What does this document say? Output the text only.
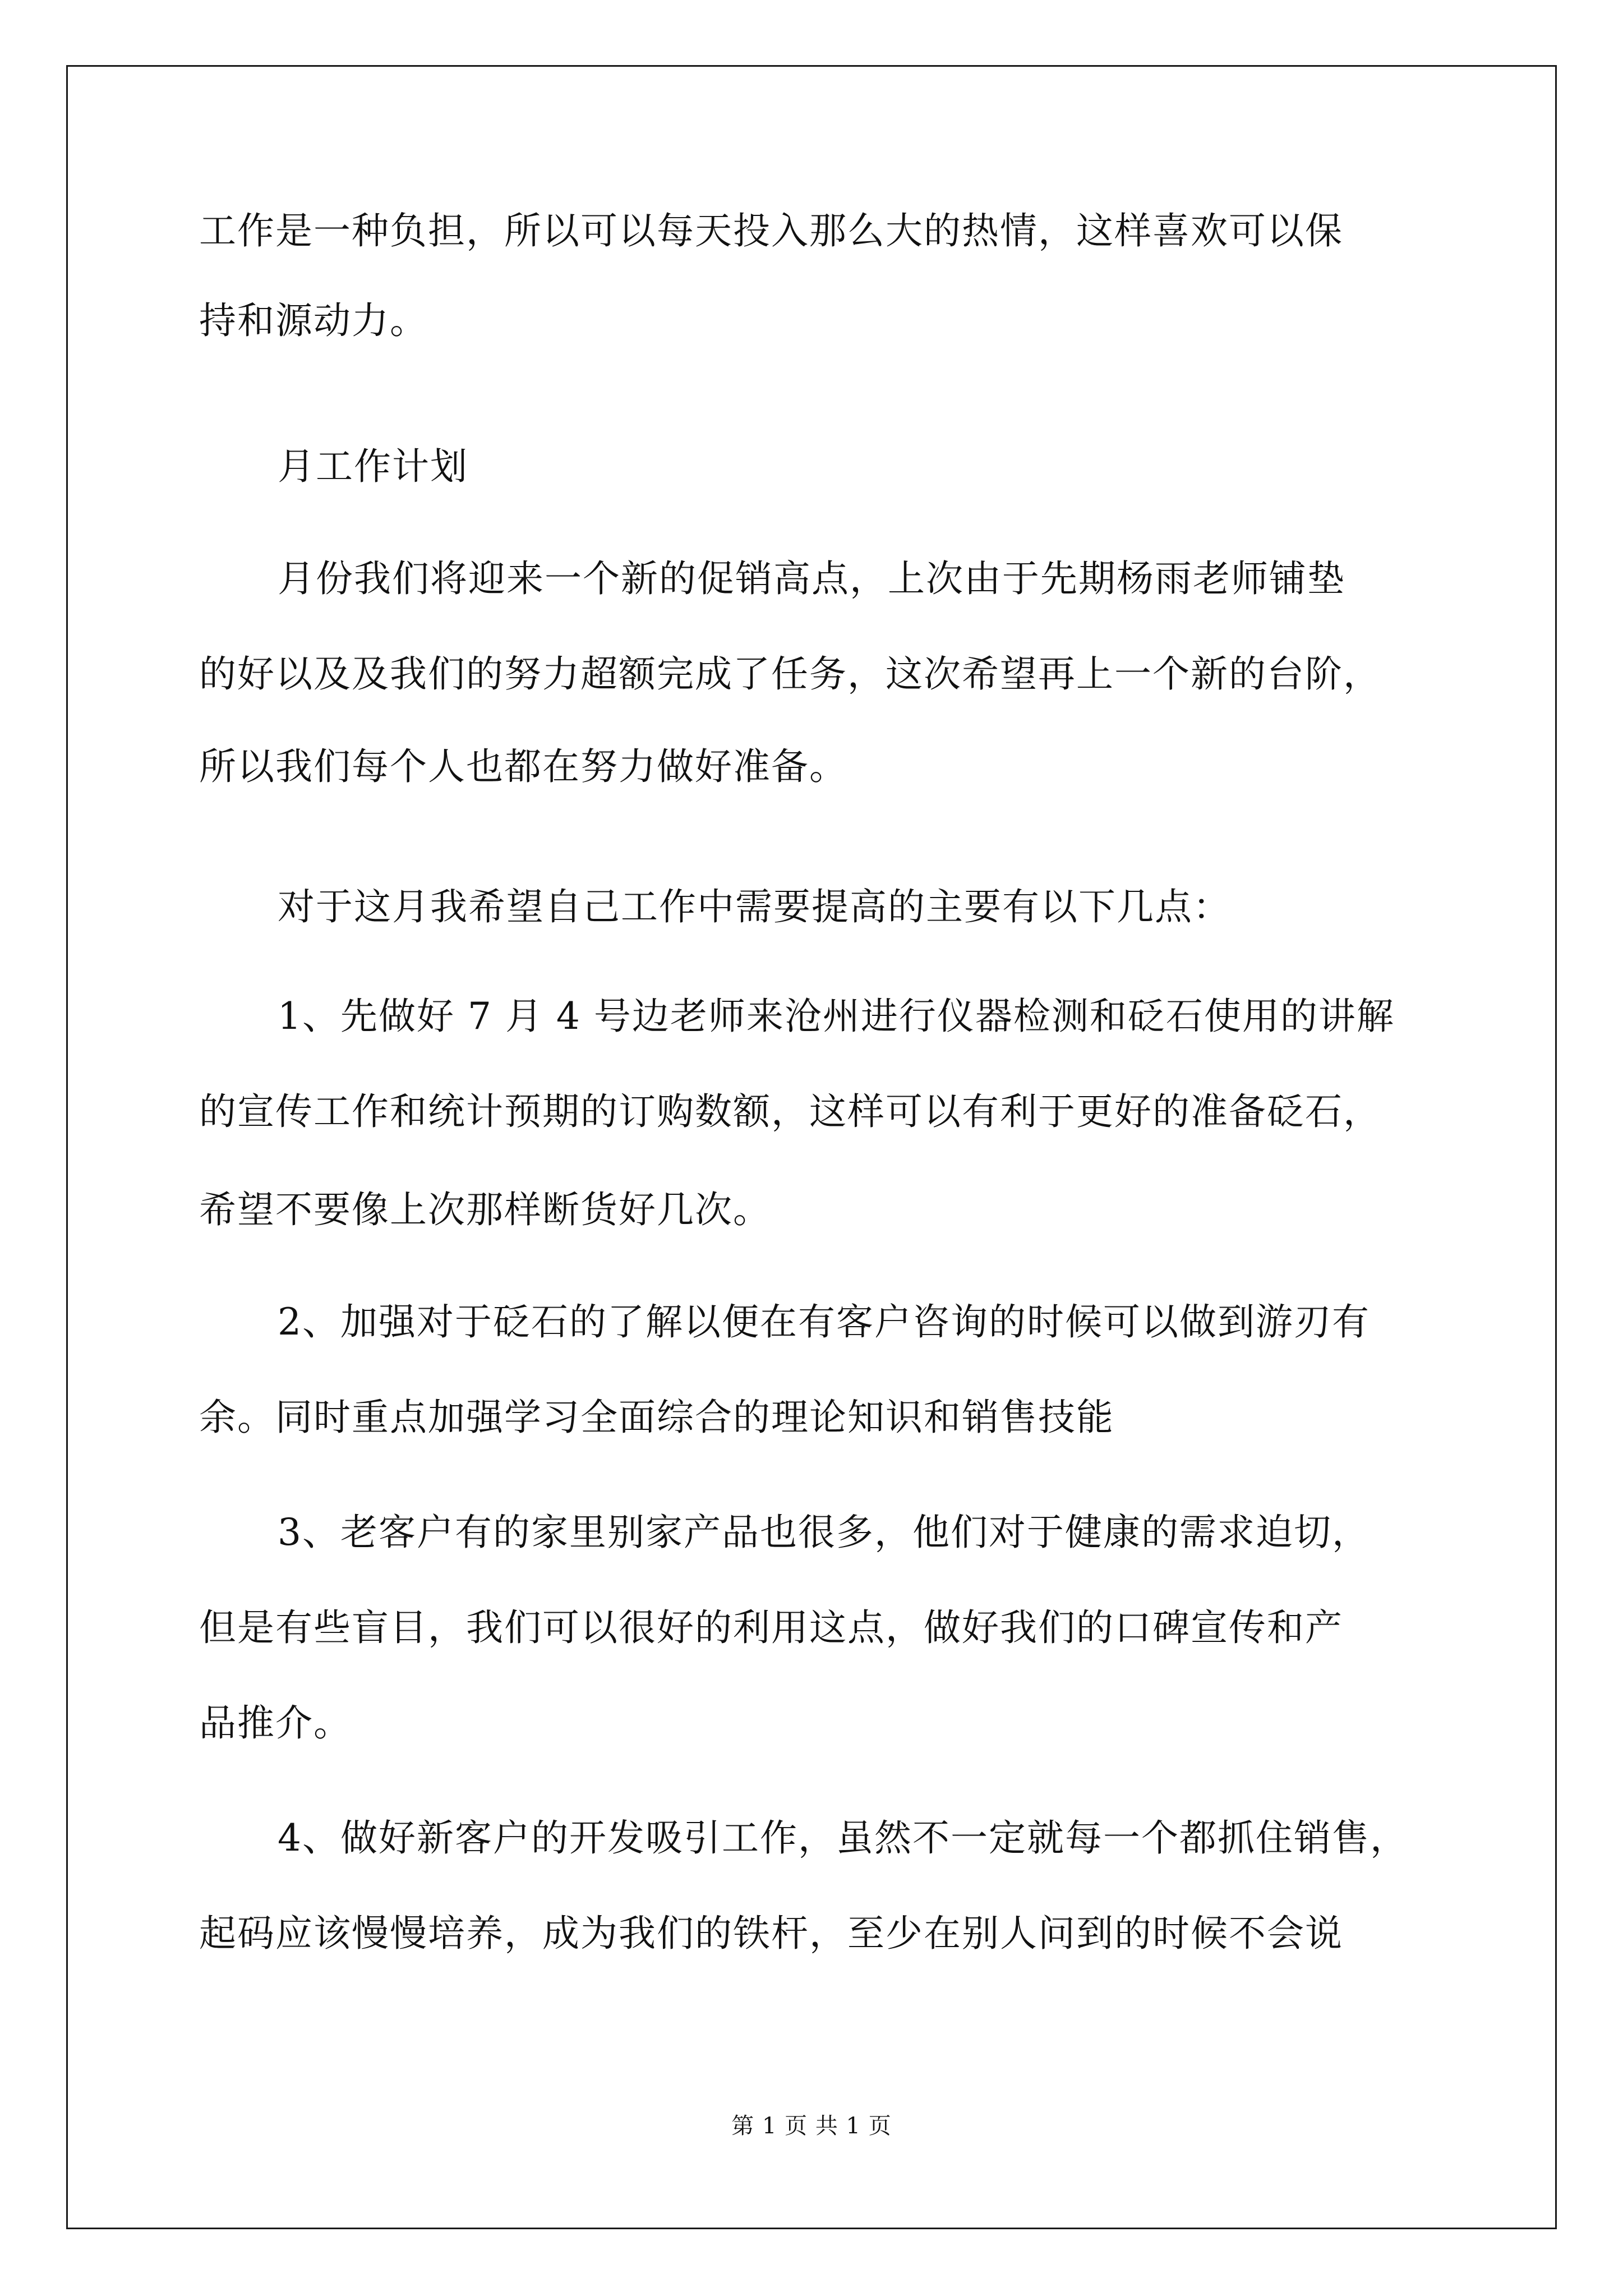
工作是一种负担，所以可以每天投入那么大的热情，这样喜欢可以保
持和源动力。
月工作计划
月份我们将迎来一个新的促销高点，上次由于先期杨雨老师铺垫
的好以及及我们的努力超额完成了任务，这次希望再上一个新的台阶，
所以我们每个人也都在努力做好准备。
对于这月我希望自己工作中需要提高的主要有以下几点：
1、先做好 7 月 4 号边老师来沧州进行仪器检测和砭石使用的讲解
的宣传工作和统计预期的订购数额，这样可以有利于更好的准备砭石，
希望不要像上次那样断货好几次。
2、加强对于砭石的了解以便在有客户咨询的时候可以做到游刃有
余。同时重点加强学习全面综合的理论知识和销售技能
3、老客户有的家里别家产品也很多，他们对于健康的需求迫切，
但是有些盲目，我们可以很好的利用这点，做好我们的口碑宣传和产
品推介。
4、做好新客户的开发吸引工作，虽然不一定就每一个都抓住销售，
起码应该慢慢培养，成为我们的铁杆，至少在别人问到的时候不会说
第 1 页 共 1 页
